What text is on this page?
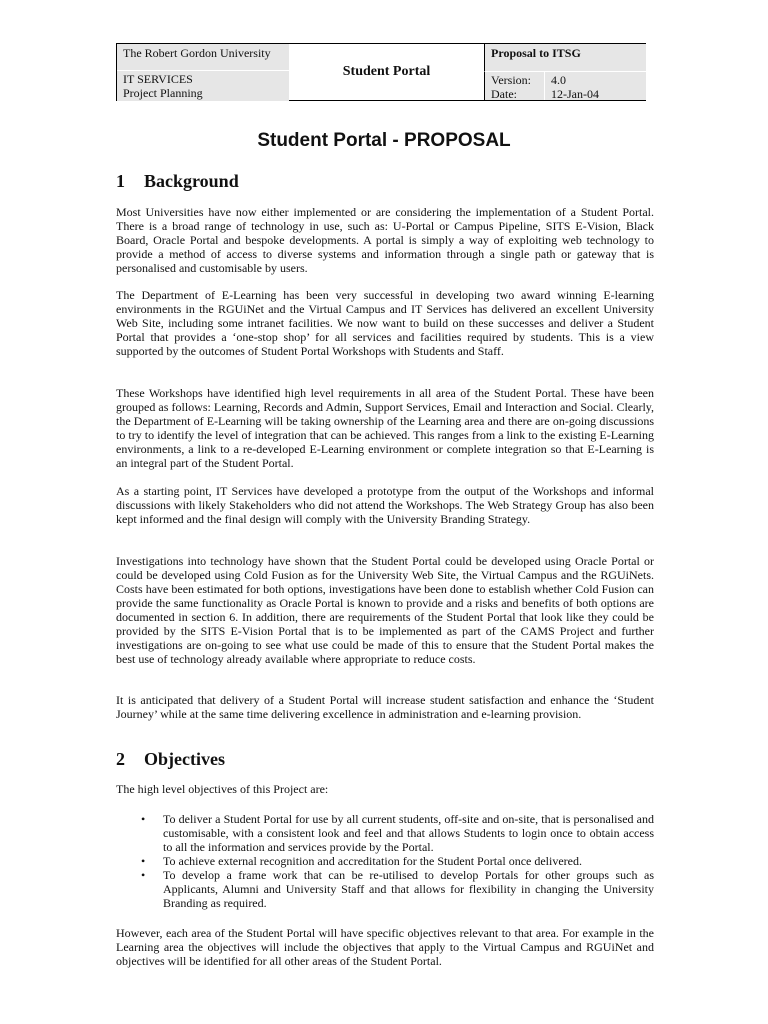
The Robert Gordon University
IT SERVICES
Project Planning
Student Portal
Proposal to ITSG
Version:
Date:
4.0
12-Jan-04
Student Portal - PROPOSAL
1 Background

Most Universities have now either implemented or are considering the implementation of a Student Portal. There is a broad range of technology in use, such as: U-Portal or Campus Pipeline, SITS E-Vision, Black Board, Oracle Portal and bespoke developments. A portal is simply a way of exploiting web technology to provide a method of access to diverse systems and information through a single path or gateway that is personalised and customisable by users.

The Department of E-Learning has been very successful in developing two award winning E-learning environments in the RGUiNet and the Virtual Campus and IT Services has delivered an excellent University Web Site, including some intranet facilities. We now want to build on these successes and deliver a Student Portal that provides a ‘one-stop shop’ for all services and facilities required by students. This is a view supported by the outcomes of Student Portal Workshops with Students and Staff.

These Workshops have identified high level requirements in all area of the Student Portal. These have been grouped as follows: Learning, Records and Admin, Support Services, Email and Interaction and Social. Clearly, the Department of E-Learning will be taking ownership of the Learning area and there are on-going discussions to try to identify the level of integration that can be achieved. This ranges from a link to the existing E-Learning environments, a link to a re-developed E-Learning environment or complete integration so that E-Learning is an integral part of the Student Portal.

As a starting point, IT Services have developed a prototype from the output of the Workshops and informal discussions with likely Stakeholders who did not attend the Workshops. The Web Strategy Group has also been kept informed and the final design will comply with the University Branding Strategy.

Investigations into technology have shown that the Student Portal could be developed using Oracle Portal or could be developed using Cold Fusion as for the University Web Site, the Virtual Campus and the RGUiNets. Costs have been estimated for both options, investigations have been done to establish whether Cold Fusion can provide the same functionality as Oracle Portal is known to provide and a risks and benefits of both options are documented in section 6. In addition, there are requirements of the Student Portal that look like they could be provided by the SITS E-Vision Portal that is to be implemented as part of the CAMS Project and further investigations are on-going to see what use could be made of this to ensure that the Student Portal makes the best use of technology already available where appropriate to reduce costs.

It is anticipated that delivery of a Student Portal will increase student satisfaction and enhance the ‘Student Journey’ while at the same time delivering excellence in administration and e-learning provision.

2 Objectives

The high level objectives of this Project are:

• To deliver a Student Portal for use by all current students, off-site and on-site, that is personalised and customisable, with a consistent look and feel and that allows Students to login once to obtain access to all the information and services provide by the Portal.
• To achieve external recognition and accreditation for the Student Portal once delivered.
• To develop a frame work that can be re-utilised to develop Portals for other groups such as Applicants, Alumni and University Staff and that allows for flexibility in changing the University Branding as required.

However, each area of the Student Portal will have specific objectives relevant to that area. For example in the Learning area the objectives will include the objectives that apply to the Virtual Campus and RGUiNet and objectives will be identified for all other areas of the Student Portal.
